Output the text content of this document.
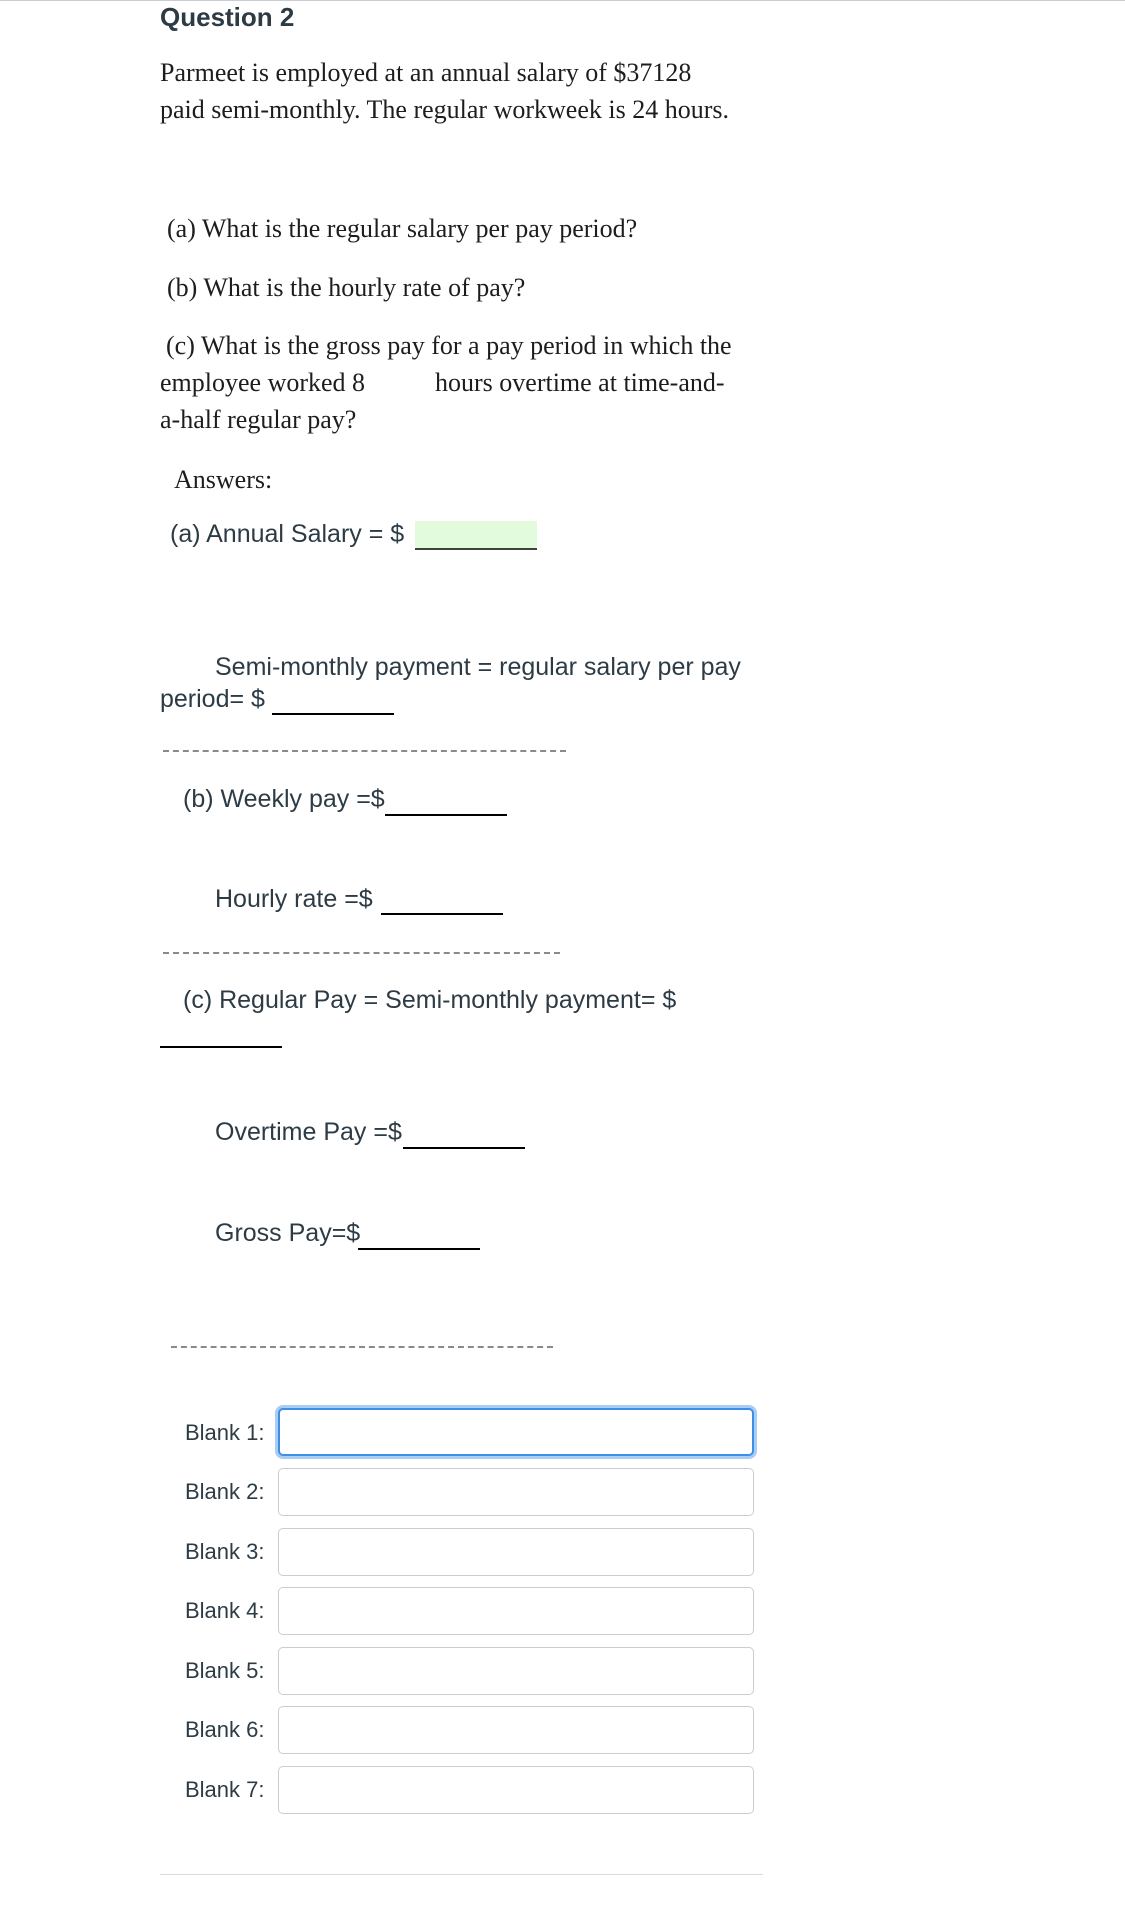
Question 2
Parmeet is employed at an annual salary of $37128
paid semi-monthly. The regular workweek is 24 hours.
(a) What is the regular salary per pay period?
(b) What is the hourly rate of pay?
(c) What is the gross pay for a pay period in which the
employee worked 8	hours overtime at time-and-
a-half regular pay?
Answers:
(a) Annual Salary = $
Semi-monthly payment = regular salary per pay
period= $
(b) Weekly pay =$
Hourly rate =$
(c) Regular Pay = Semi-monthly payment= $
Overtime Pay =$
Gross Pay=$
Blank 1:
Blank 2:
Blank 3:
Blank 4:
Blank 5:
Blank 6:
Blank 7:
